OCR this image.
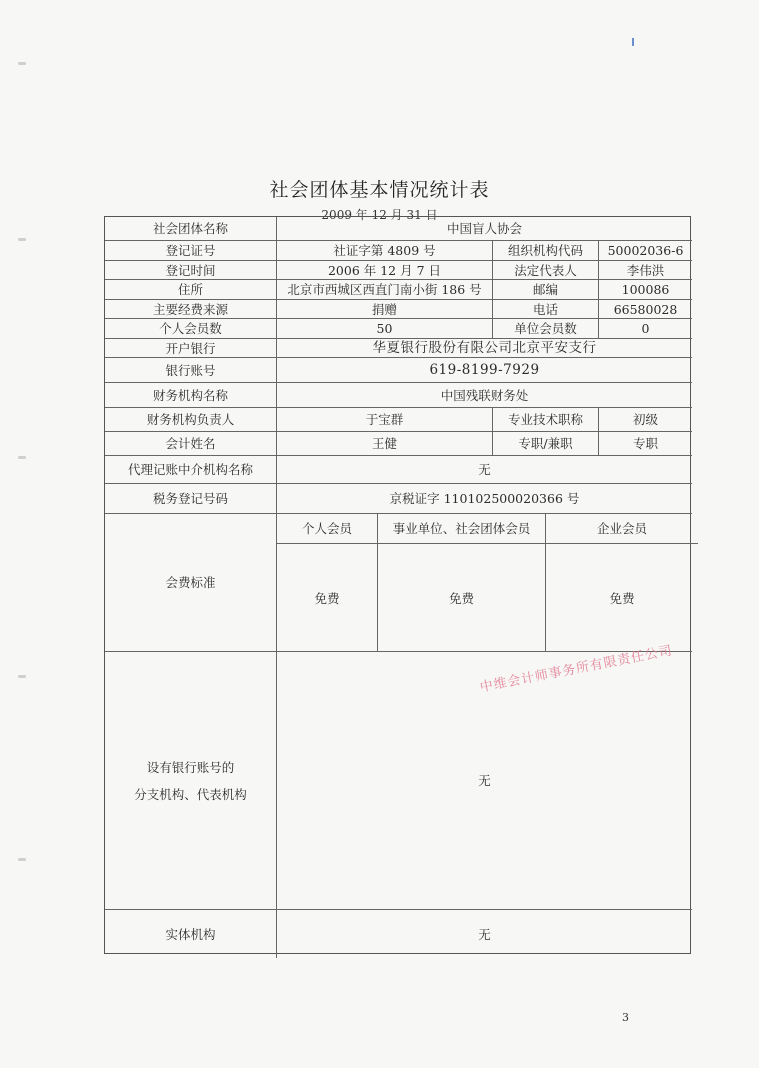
社会团体基本情况统计表
2009 年 12 月 31 日
社会团体名称	中国盲人协会
登记证号	社证字第 4809 号	组织机构代码	50002036-6
登记时间	2006 年 12 月 7 日	法定代表人	李伟洪
住所	北京市西城区西直门南小街 186 号	邮编	100086
主要经费来源	捐赠	电话	66580028
个人会员数	50	单位会员数	0
开户银行	华夏银行股份有限公司北京平安支行
银行账号	619-8199-7929
财务机构名称	中国残联财务处
财务机构负责人	于宝群	专业技术职称	初级
会计姓名	王健	专职/兼职	专职
代理记账中介机构名称	无
税务登记号码	京税证字 110102500020366 号
会费标准
个人会员	事业单位、社会团体会员	企业会员
免费	免费	免费
设有银行账号的
分支机构、代表机构
无
实体机构	无
中维会计师事务所有限责任公司
3
